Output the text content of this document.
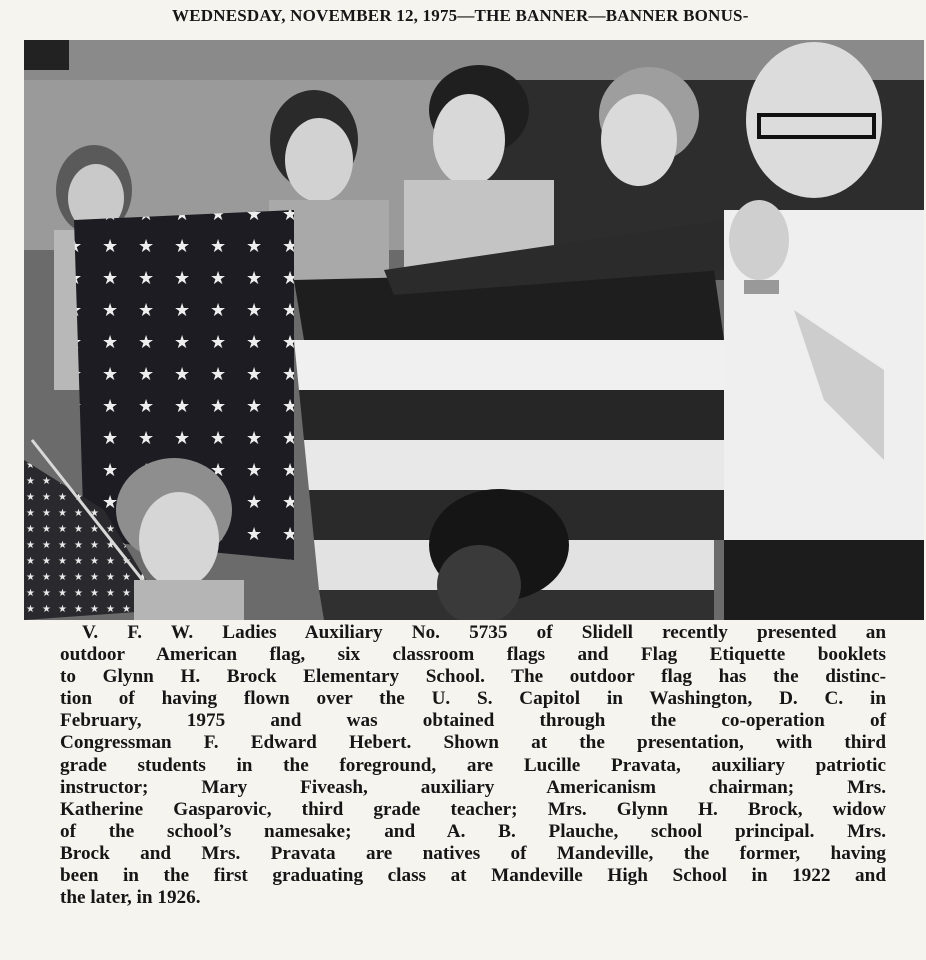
WEDNESDAY, NOVEMBER 12, 1975—THE BANNER—BANNER BONUS-
V. F. W. Ladies Auxiliary No. 5735 of Slidell recently presented an
outdoor American flag, six classroom flags and Flag Etiquette booklets
to Glynn H. Brock Elementary School. The outdoor flag has the distinc-
tion of having flown over the U. S. Capitol in Washington, D. C. in
February, 1975 and was obtained through the co-operation of
Congressman F. Edward Hebert. Shown at the presentation, with third
grade students in the foreground, are Lucille Pravata, auxiliary patriotic
instructor; Mary Fiveash, auxiliary Americanism chairman; Mrs.
Katherine Gasparovic, third grade teacher; Mrs. Glynn H. Brock, widow
of the school’s namesake; and A. B. Plauche, school principal. Mrs.
Brock and Mrs. Pravata are natives of Mandeville, the former, having
been in the first graduating class at Mandeville High School in 1922 and
the later, in 1926.
